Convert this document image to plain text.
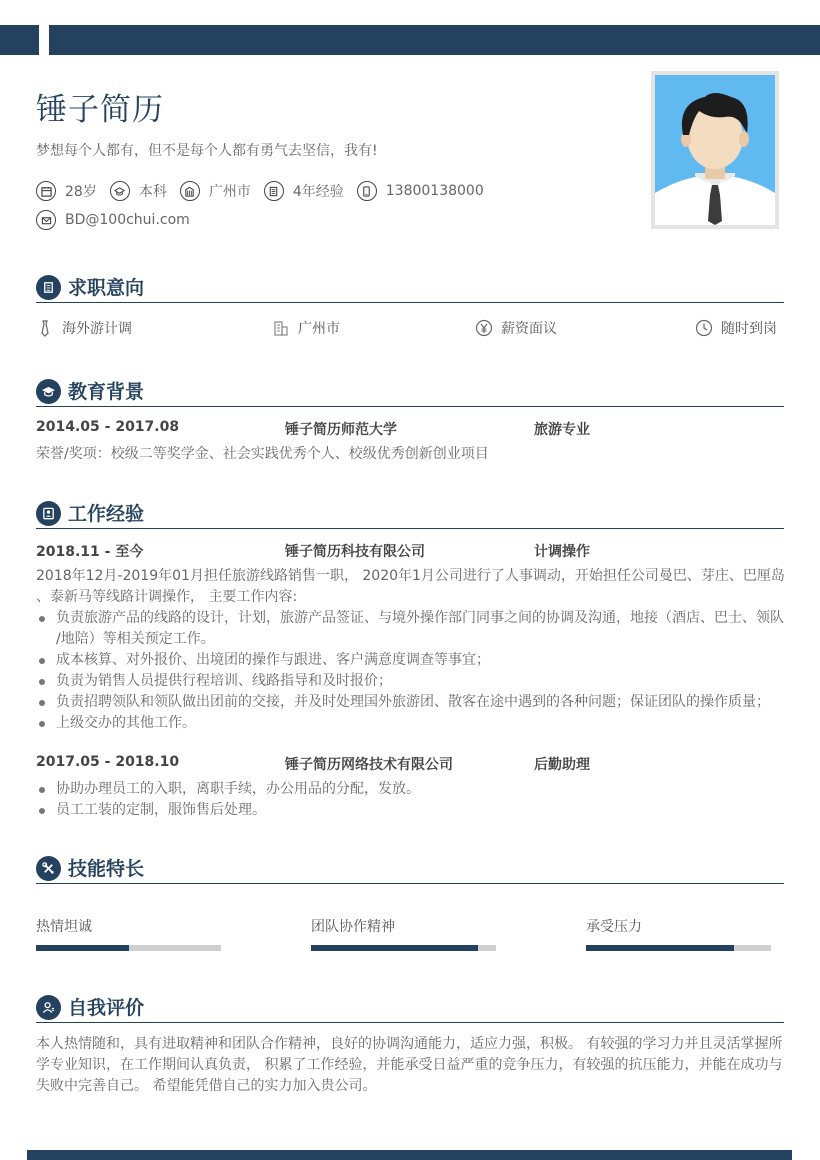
锤子简历
梦想每个人都有，但不是每个人都有勇气去坚信，我有!
28岁	本科	广州市	4年经验	13800138000
BD@100chui.com
求职意向
海外游计调	广州市	薪资面议	随时到岗
教育背景
2014.05 - 2017.08	锤子简历师范大学	旅游专业
荣誉/奖项：校级二等奖学金、社会实践优秀个人、校级优秀创新创业项目
工作经验
2018.11 - 至今	锤子简历科技有限公司	计调操作
2018年12月-2019年01月担任旅游线路销售一职， 2020年1月公司进行了人事调动，开始担任公司曼巴、芽庄、巴厘岛
、泰新马等线路计调操作， 主要工作内容:
负责旅游产品的线路的设计，计划，旅游产品签证、与境外操作部门同事之间的协调及沟通，地接（酒店、巴士、领队
/地陪）等相关预定工作。
成本核算、对外报价、出境团的操作与跟进、客户满意度调查等事宜；
负责为销售人员提供行程培训、线路指导和及时报价；
负责招聘领队和领队做出团前的交接，并及时处理国外旅游团、散客在途中遇到的各种问题；保证团队的操作质量；
上级交办的其他工作。
2017.05 - 2018.10	锤子简历网络技术有限公司	后勤助理
协助办理员工的入职，离职手续，办公用品的分配，发放。
员工工装的定制，服饰售后处理。
技能特长
热情坦诚	团队协作精神	承受压力
自我评价
本人热情随和，具有进取精神和团队合作精神，良好的协调沟通能力，适应力强，积极。 有较强的学习力并且灵活掌握所
学专业知识，在工作期间认真负责， 积累了工作经验，并能承受日益严重的竞争压力，有较强的抗压能力，并能在成功与
失败中完善自己。 希望能凭借自己的实力加入贵公司。
